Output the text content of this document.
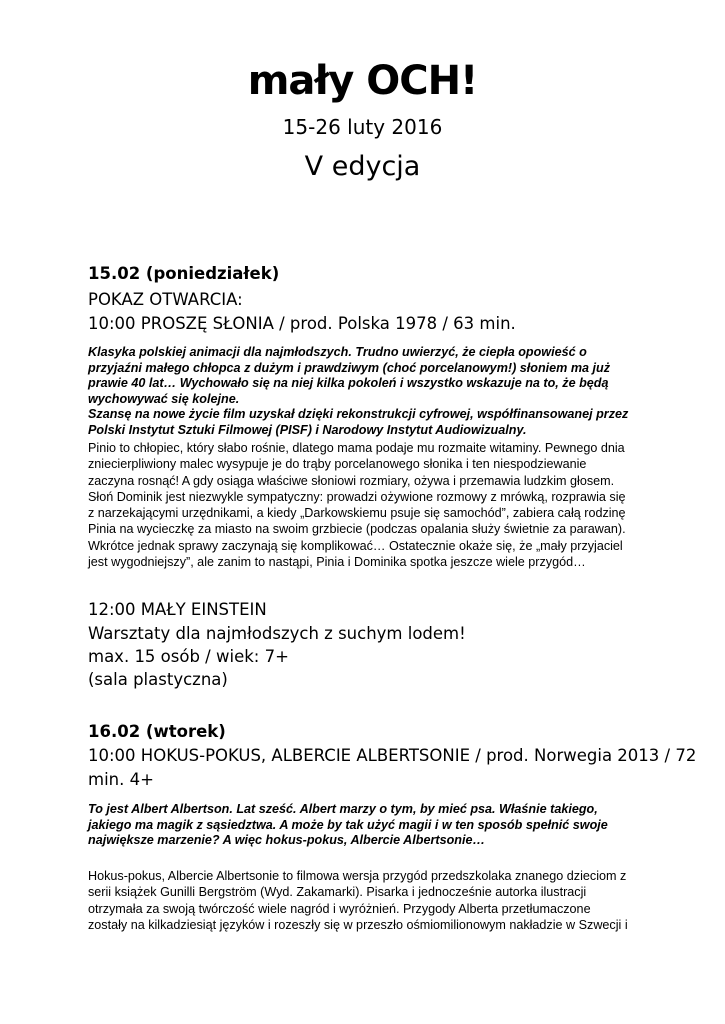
mały OCH!
15-26 luty 2016
V edycja
15.02 (poniedziałek)
POKAZ OTWARCIA:
10:00 PROSZĘ SŁONIA / prod. Polska 1978 / 63 min.
Klasyka polskiej animacji dla najmłodszych. Trudno uwierzyć, że ciepła opowieść o
przyjaźni małego chłopca z dużym i prawdziwym (choć porcelanowym!) słoniem ma już
prawie 40 lat… Wychowało się na niej kilka pokoleń i wszystko wskazuje na to, że będą
wychowywać się kolejne.
Szansę na nowe życie film uzyskał dzięki rekonstrukcji cyfrowej, współfinansowanej przez
Polski Instytut Sztuki Filmowej (PISF) i Narodowy Instytut Audiowizualny.
Pinio to chłopiec, który słabo rośnie, dlatego mama podaje mu rozmaite witaminy. Pewnego dnia
zniecierpliwiony malec wysypuje je do trąby porcelanowego słonika i ten niespodziewanie
zaczyna rosnąć! A gdy osiąga właściwe słoniowi rozmiary, ożywa i przemawia ludzkim głosem.
Słoń Dominik jest niezwykle sympatyczny: prowadzi ożywione rozmowy z mrówką, rozprawia się
z narzekającymi urzędnikami, a kiedy „Darkowskiemu psuje się samochód”, zabiera całą rodzinę
Pinia na wycieczkę za miasto na swoim grzbiecie (podczas opalania służy świetnie za parawan).
Wkrótce jednak sprawy zaczynają się komplikować… Ostatecznie okaże się, że „mały przyjaciel
jest wygodniejszy”, ale zanim to nastąpi, Pinia i Dominika spotka jeszcze wiele przygód…
12:00 MAŁY EINSTEIN
Warsztaty dla najmłodszych z suchym lodem!
max. 15 osób / wiek: 7+
(sala plastyczna)
16.02 (wtorek)
10:00 HOKUS-POKUS, ALBERCIE ALBERTSONIE / prod. Norwegia 2013 / 72
min. 4+
To jest Albert Albertson. Lat sześć. Albert marzy o tym, by mieć psa. Właśnie takiego,
jakiego ma magik z sąsiedztwa. A może by tak użyć magii i w ten sposób spełnić swoje
największe marzenie? A więc hokus-pokus, Albercie Albertsonie…
Hokus-pokus, Albercie Albertsonie to filmowa wersja przygód przedszkolaka znanego dzieciom z
serii książek Gunilli Bergström (Wyd. Zakamarki). Pisarka i jednocześnie autorka ilustracji
otrzymała za swoją twórczość wiele nagród i wyróżnień. Przygody Alberta przetłumaczone
zostały na kilkadziesiąt języków i rozeszły się w przeszło ośmiomilionowym nakładzie w Szwecji i
